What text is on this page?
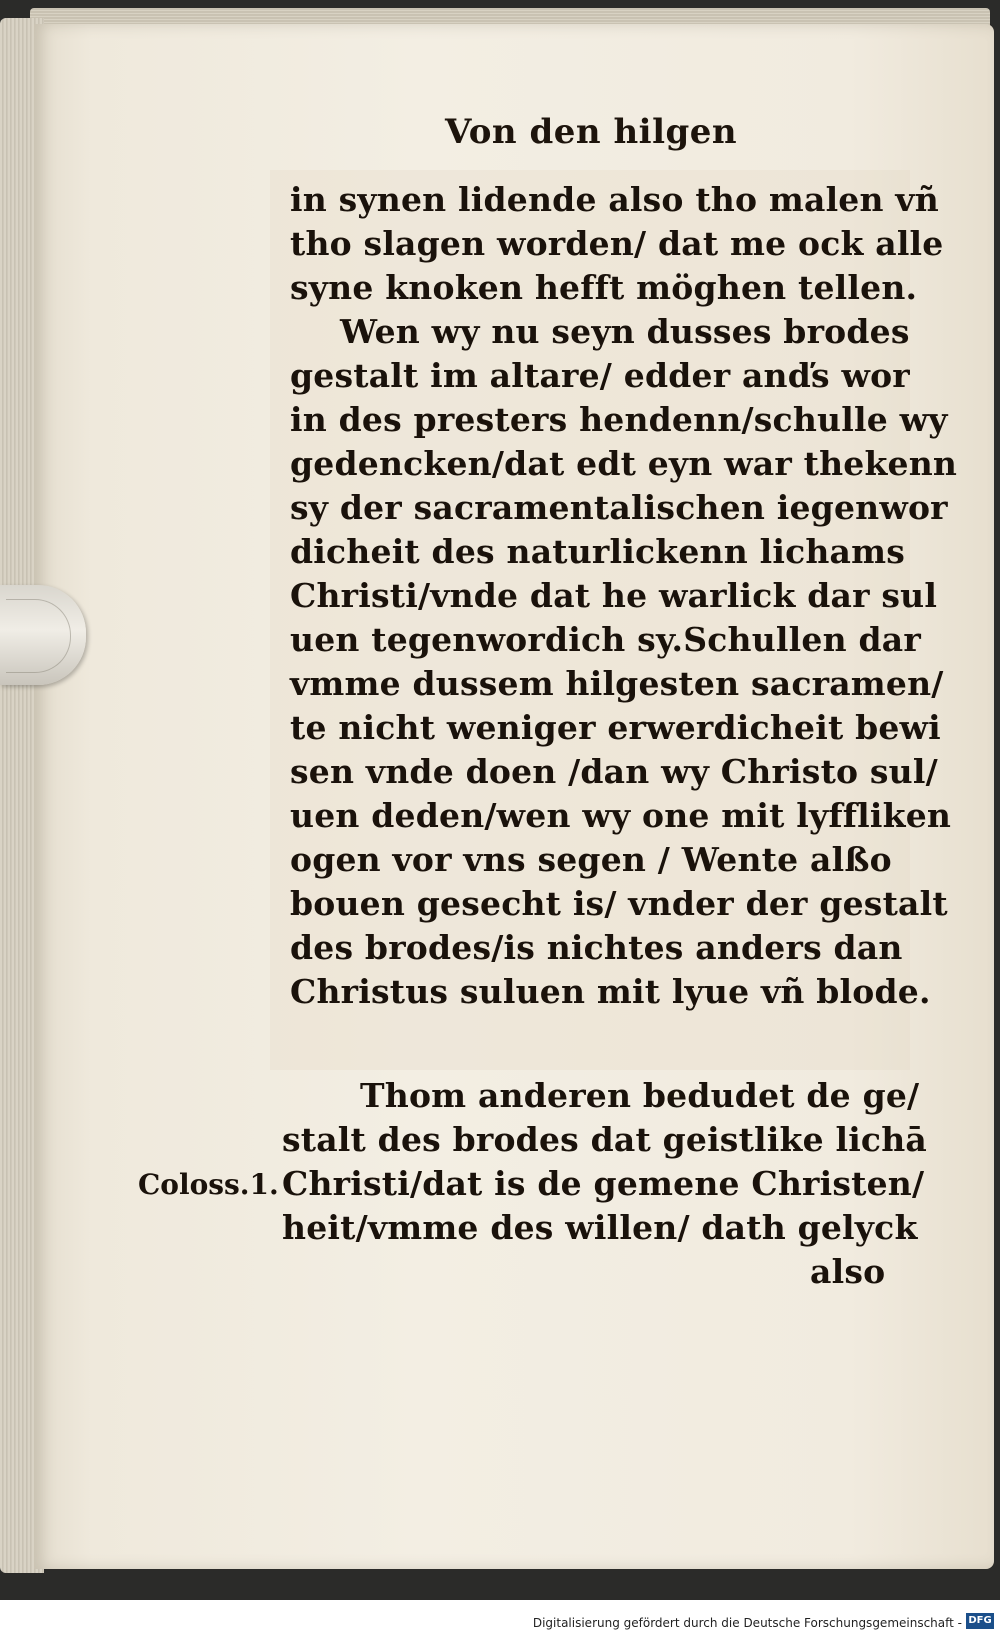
Von den hilgen
in synen lidende also tho malen vñ
tho slagen worden/ dat me ock alle
syne knoken hefft möghen tellen.
Wen wy nu seyn dusses brodes
gestalt im altare/ edder anďs wor
in des presters hendenn/schulle wy
gedencken/dat edt eyn war thekenn
sy der sacramentalischen iegenwor
dicheit des naturlickenn lichams
Christi/vnde dat he warlick dar sul
uen tegenwordich sy.Schullen dar
vmme dussem hilgesten sacramen/
te nicht weniger erwerdicheit bewi
sen vnde doen /dan wy Christo sul/
uen deden/wen wy one mit lyffliken
ogen vor vns segen / Wente alßo
bouen gesecht is/ vnder der gestalt
des brodes/is nichtes anders dan
Christus suluen mit lyue vñ blode.
Thom anderen bedudet de ge/
stalt des brodes dat geistlike lichā
Christi/dat is de gemene Christen/
heit/vmme des willen/ dath gelyck
also
Coloss.1.
Digitalisierung gefördert durch die Deutsche Forschungsgemeinschaft - DFG
